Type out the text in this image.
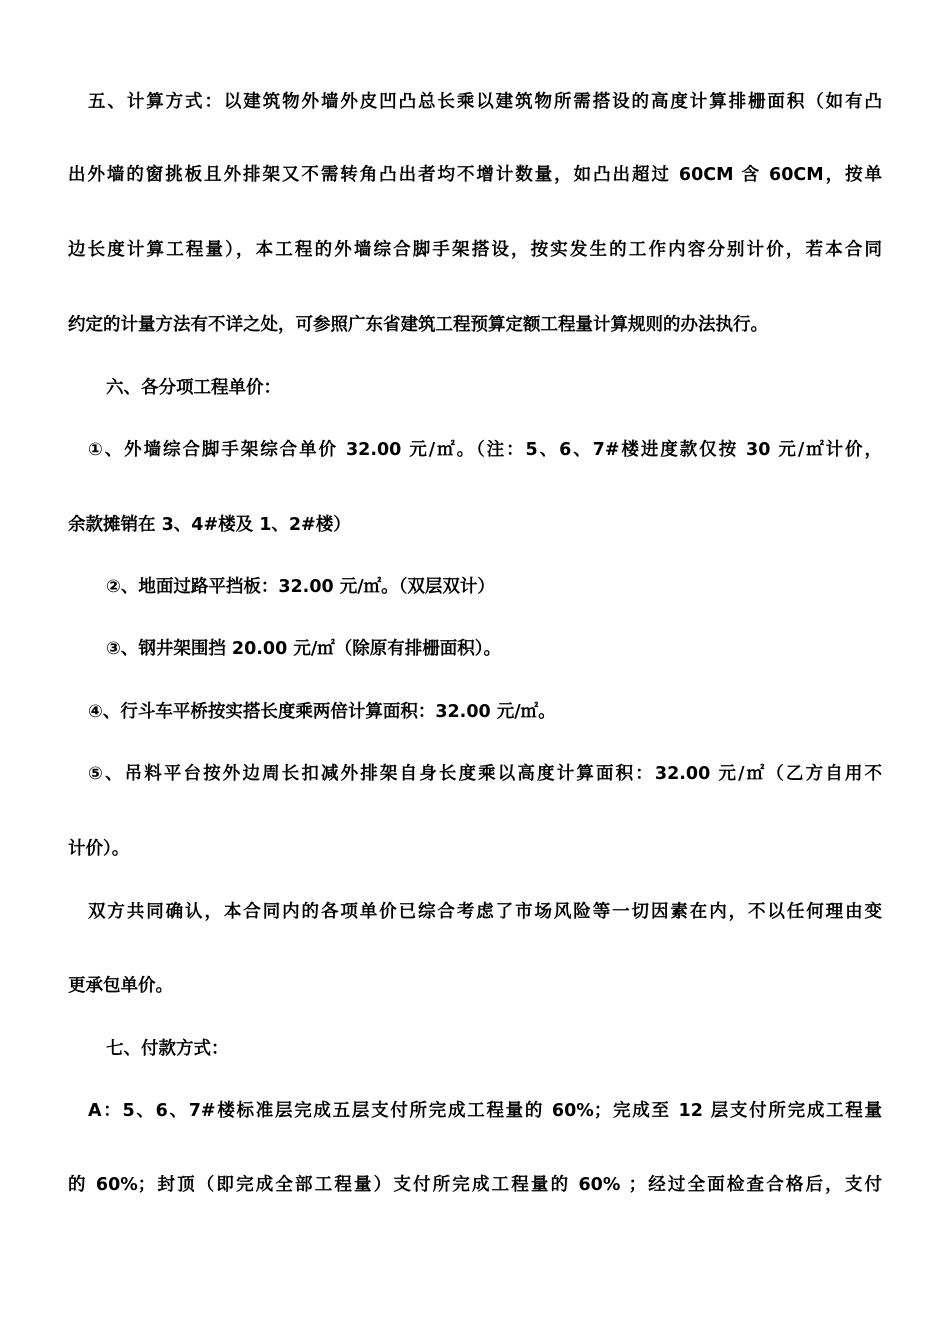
五、计算方式：以建筑物外墙外皮凹凸总长乘以建筑物所需搭设的高度计算排栅面积（如有凸
出外墙的窗挑板且外排架又不需转角凸出者均不增计数量，如凸出超过 60CM 含 60CM，按单
边长度计算工程量），本工程的外墙综合脚手架搭设，按实发生的工作内容分别计价，若本合同
约定的计量方法有不详之处，可参照广东省建筑工程预算定额工程量计算规则的办法执行。
六、各分项工程单价：
①、外墙综合脚手架综合单价 32.00 元/㎡。（注：5、6、7#楼进度款仅按 30 元/㎡计价，
余款摊销在 3、4#楼及 1、2#楼）
②、地面过路平挡板：32.00 元/㎡。（双层双计）
③、钢井架围挡 20.00 元/㎡（除原有排栅面积）。
④、行斗车平桥按实搭长度乘两倍计算面积：32.00 元/㎡。
⑤、吊料平台按外边周长扣减外排架自身长度乘以高度计算面积：32.00 元/㎡（乙方自用不
计价）。
双方共同确认，本合同内的各项单价已综合考虑了市场风险等一切因素在内，不以任何理由变
更承包单价。
七、付款方式：
A：5、6、7#楼标准层完成五层支付所完成工程量的 60%；完成至 12 层支付所完成工程量
的 60%；封顶（即完成全部工程量）支付所完成工程量的 60% ；经过全面检查合格后，支付
